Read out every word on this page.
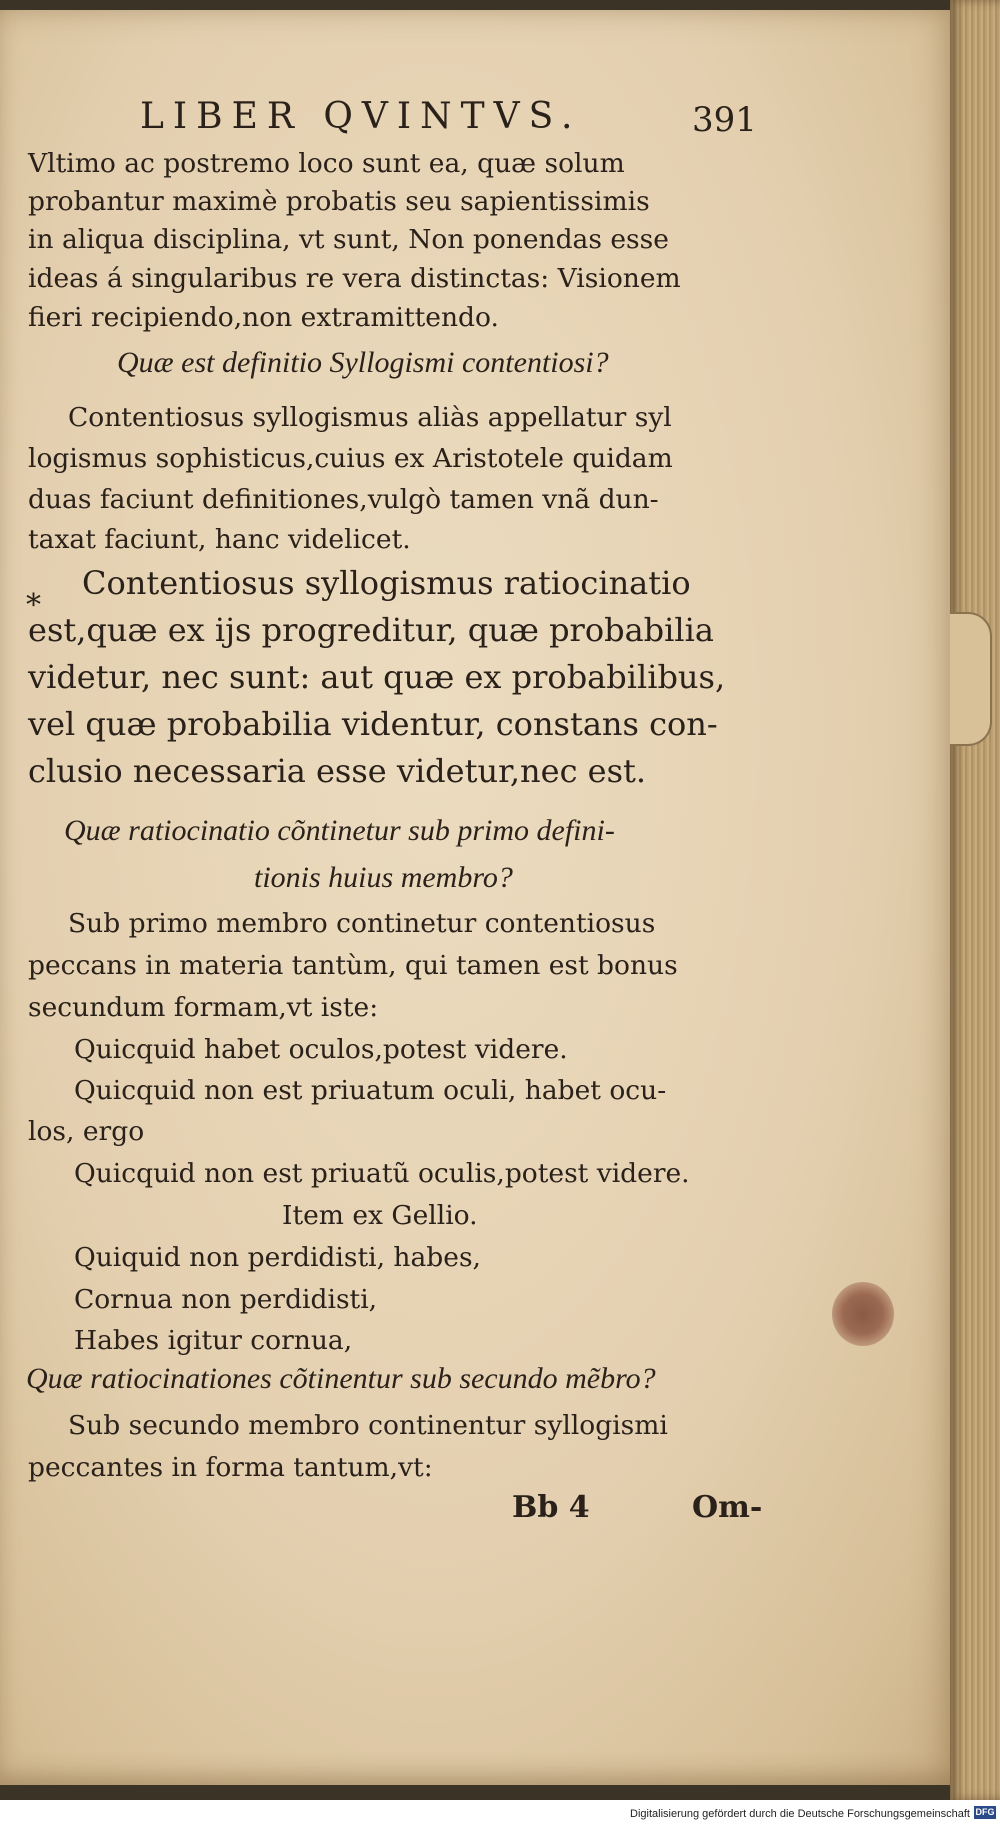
LIBER QVINTVS.	391
Vltimo ac postremo loco sunt ea, quæ solum
probantur maximè probatis seu sapientissimis
in aliqua disciplina, vt sunt, Non ponendas esse
ideas á singularibus re vera distinctas: Visionem
fieri recipiendo,non extramittendo.
Quæ est definitio Syllogismi contentiosi?
Contentiosus syllogismus aliàs appellatur syl
logismus sophisticus,cuius ex Aristotele quidam
duas faciunt definitiones,vulgò tamen vnã dun-
taxat faciunt, hanc videlicet.
*
Contentiosus syllogismus ratiocinatio
est,quæ ex ijs progreditur, quæ probabilia
videtur, nec sunt: aut quæ ex probabilibus,
vel quæ probabilia videntur, constans con-
clusio necessaria esse videtur,nec est.
Quæ ratiocinatio cõntinetur sub primo defini-
tionis huius membro?
Sub primo membro continetur contentiosus
peccans in materia tantùm, qui tamen est bonus
secundum formam,vt iste:
Quicquid habet oculos,potest videre.
Quicquid non est priuatum oculi, habet ocu-
los, ergo
Quicquid non est priuatũ oculis,potest videre.
Item ex Gellio.
Quiquid non perdidisti, habes,
Cornua non perdidisti,
Habes igitur cornua,
Quæ ratiocinationes cõtinentur sub secundo mẽbro?
Sub secundo membro continentur syllogismi
peccantes in forma tantum,vt:
Bb 4	Om-
Digitalisierung gefördert durch die Deutsche Forschungsgemeinschaft DFG
